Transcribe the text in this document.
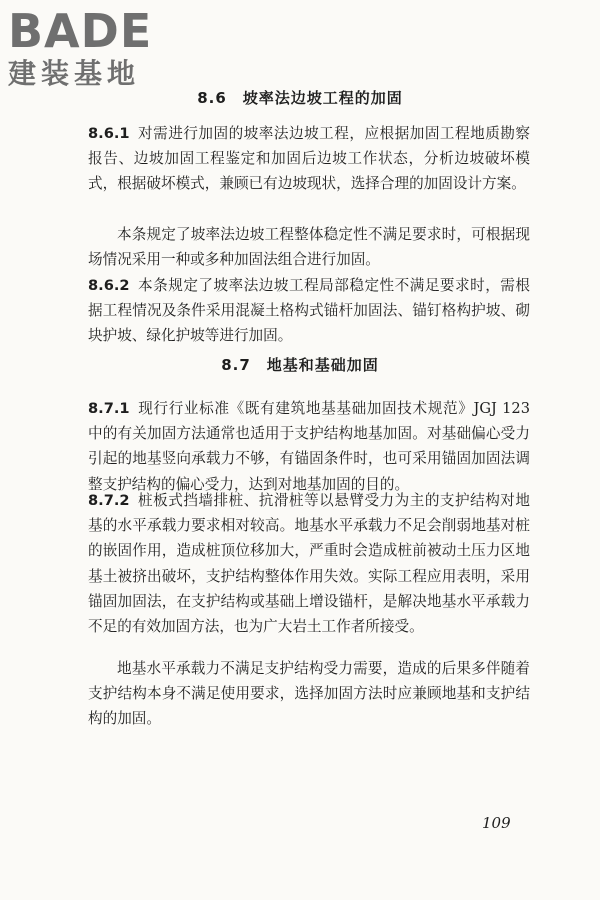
BADE
建装基地
8.6　坡率法边坡工程的加固
8.6.1 对需进行加固的坡率法边坡工程，应根据加固工程地质勘察报告、边坡加固工程鉴定和加固后边坡工作状态，分析边坡破坏模式，根据破坏模式，兼顾已有边坡现状，选择合理的加固设计方案。
本条规定了坡率法边坡工程整体稳定性不满足要求时，可根据现场情况采用一种或多种加固法组合进行加固。
8.6.2 本条规定了坡率法边坡工程局部稳定性不满足要求时，需根据工程情况及条件采用混凝土格构式锚杆加固法、锚钉格构护坡、砌块护坡、绿化护坡等进行加固。
8.7　地基和基础加固
8.7.1 现行行业标准《既有建筑地基基础加固技术规范》JGJ 123 中的有关加固方法通常也适用于支护结构地基加固。对基础偏心受力引起的地基竖向承载力不够，有锚固条件时，也可采用锚固加固法调整支护结构的偏心受力，达到对地基加固的目的。
8.7.2 桩板式挡墙排桩、抗滑桩等以悬臂受力为主的支护结构对地基的水平承载力要求相对较高。地基水平承载力不足会削弱地基对桩的嵌固作用，造成桩顶位移加大，严重时会造成桩前被动土压力区地基土被挤出破坏，支护结构整体作用失效。实际工程应用表明，采用锚固加固法，在支护结构或基础上增设锚杆，是解决地基水平承载力不足的有效加固方法，也为广大岩土工作者所接受。
地基水平承载力不满足支护结构受力需要，造成的后果多伴随着支护结构本身不满足使用要求，选择加固方法时应兼顾地基和支护结构的加固。
109
